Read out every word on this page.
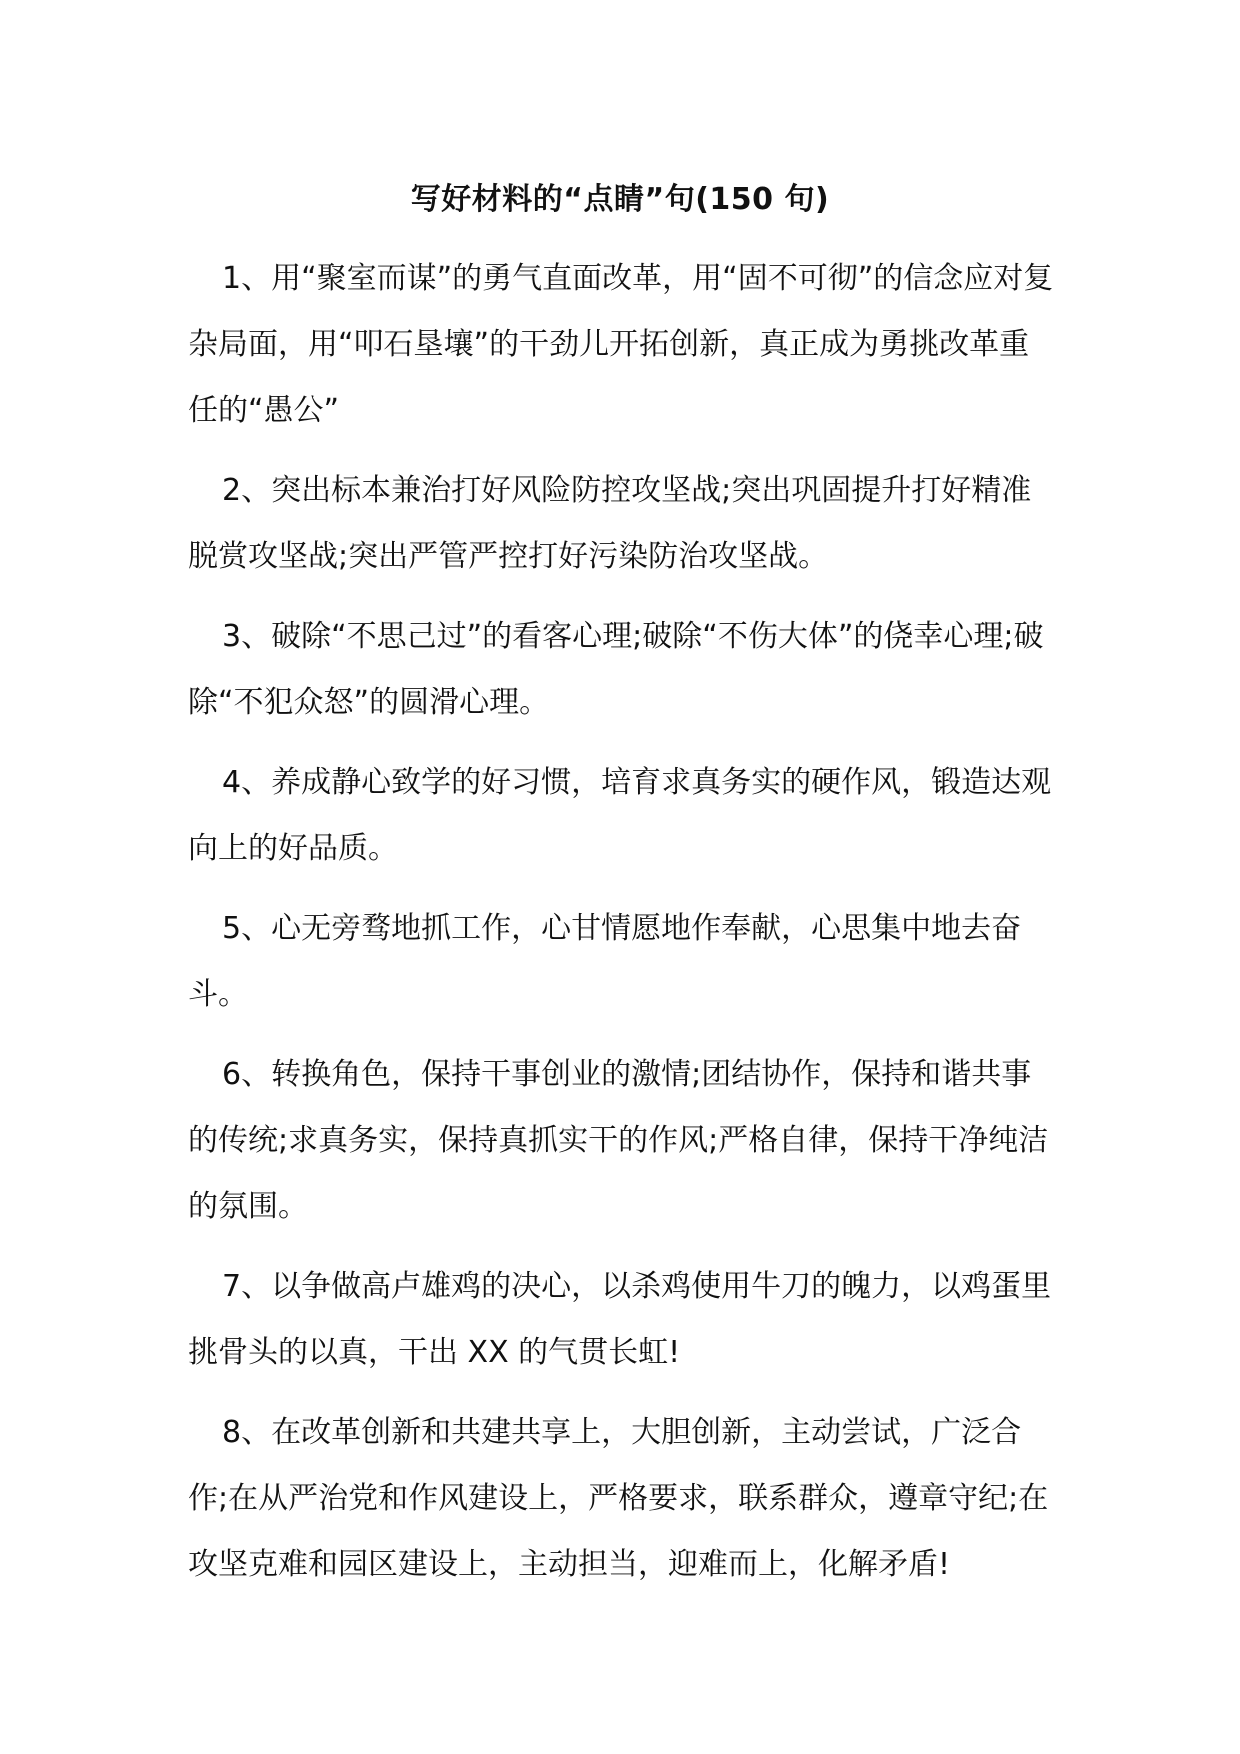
写好材料的“点睛”句(150 句)

1、用“聚室而谋”的勇气直面改革，用“固不可彻”的信念应对复杂局面，用“叩石垦壤”的干劲儿开拓创新，真正成为勇挑改革重任的“愚公”

2、突出标本兼治打好风险防控攻坚战;突出巩固提升打好精准脱赏攻坚战;突出严管严控打好污染防治攻坚战。

3、破除“不思己过”的看客心理;破除“不伤大体”的侥幸心理;破除“不犯众怒”的圆滑心理。

4、养成静心致学的好习惯，培育求真务实的硬作风，锻造达观向上的好品质。

5、心无旁骛地抓工作，心甘情愿地作奉献，心思集中地去奋斗。

6、转换角色，保持干事创业的激情;团结协作，保持和谐共事的传统;求真务实，保持真抓实干的作风;严格自律，保持干净纯洁的氛围。

7、以争做高卢雄鸡的决心，以杀鸡使用牛刀的魄力，以鸡蛋里挑骨头的以真，干出 XX 的气贯长虹!

8、在改革创新和共建共享上，大胆创新，主动尝试，广泛合作;在从严治党和作风建设上，严格要求，联系群众，遵章守纪;在攻坚克难和园区建设上，主动担当，迎难而上，化解矛盾!
